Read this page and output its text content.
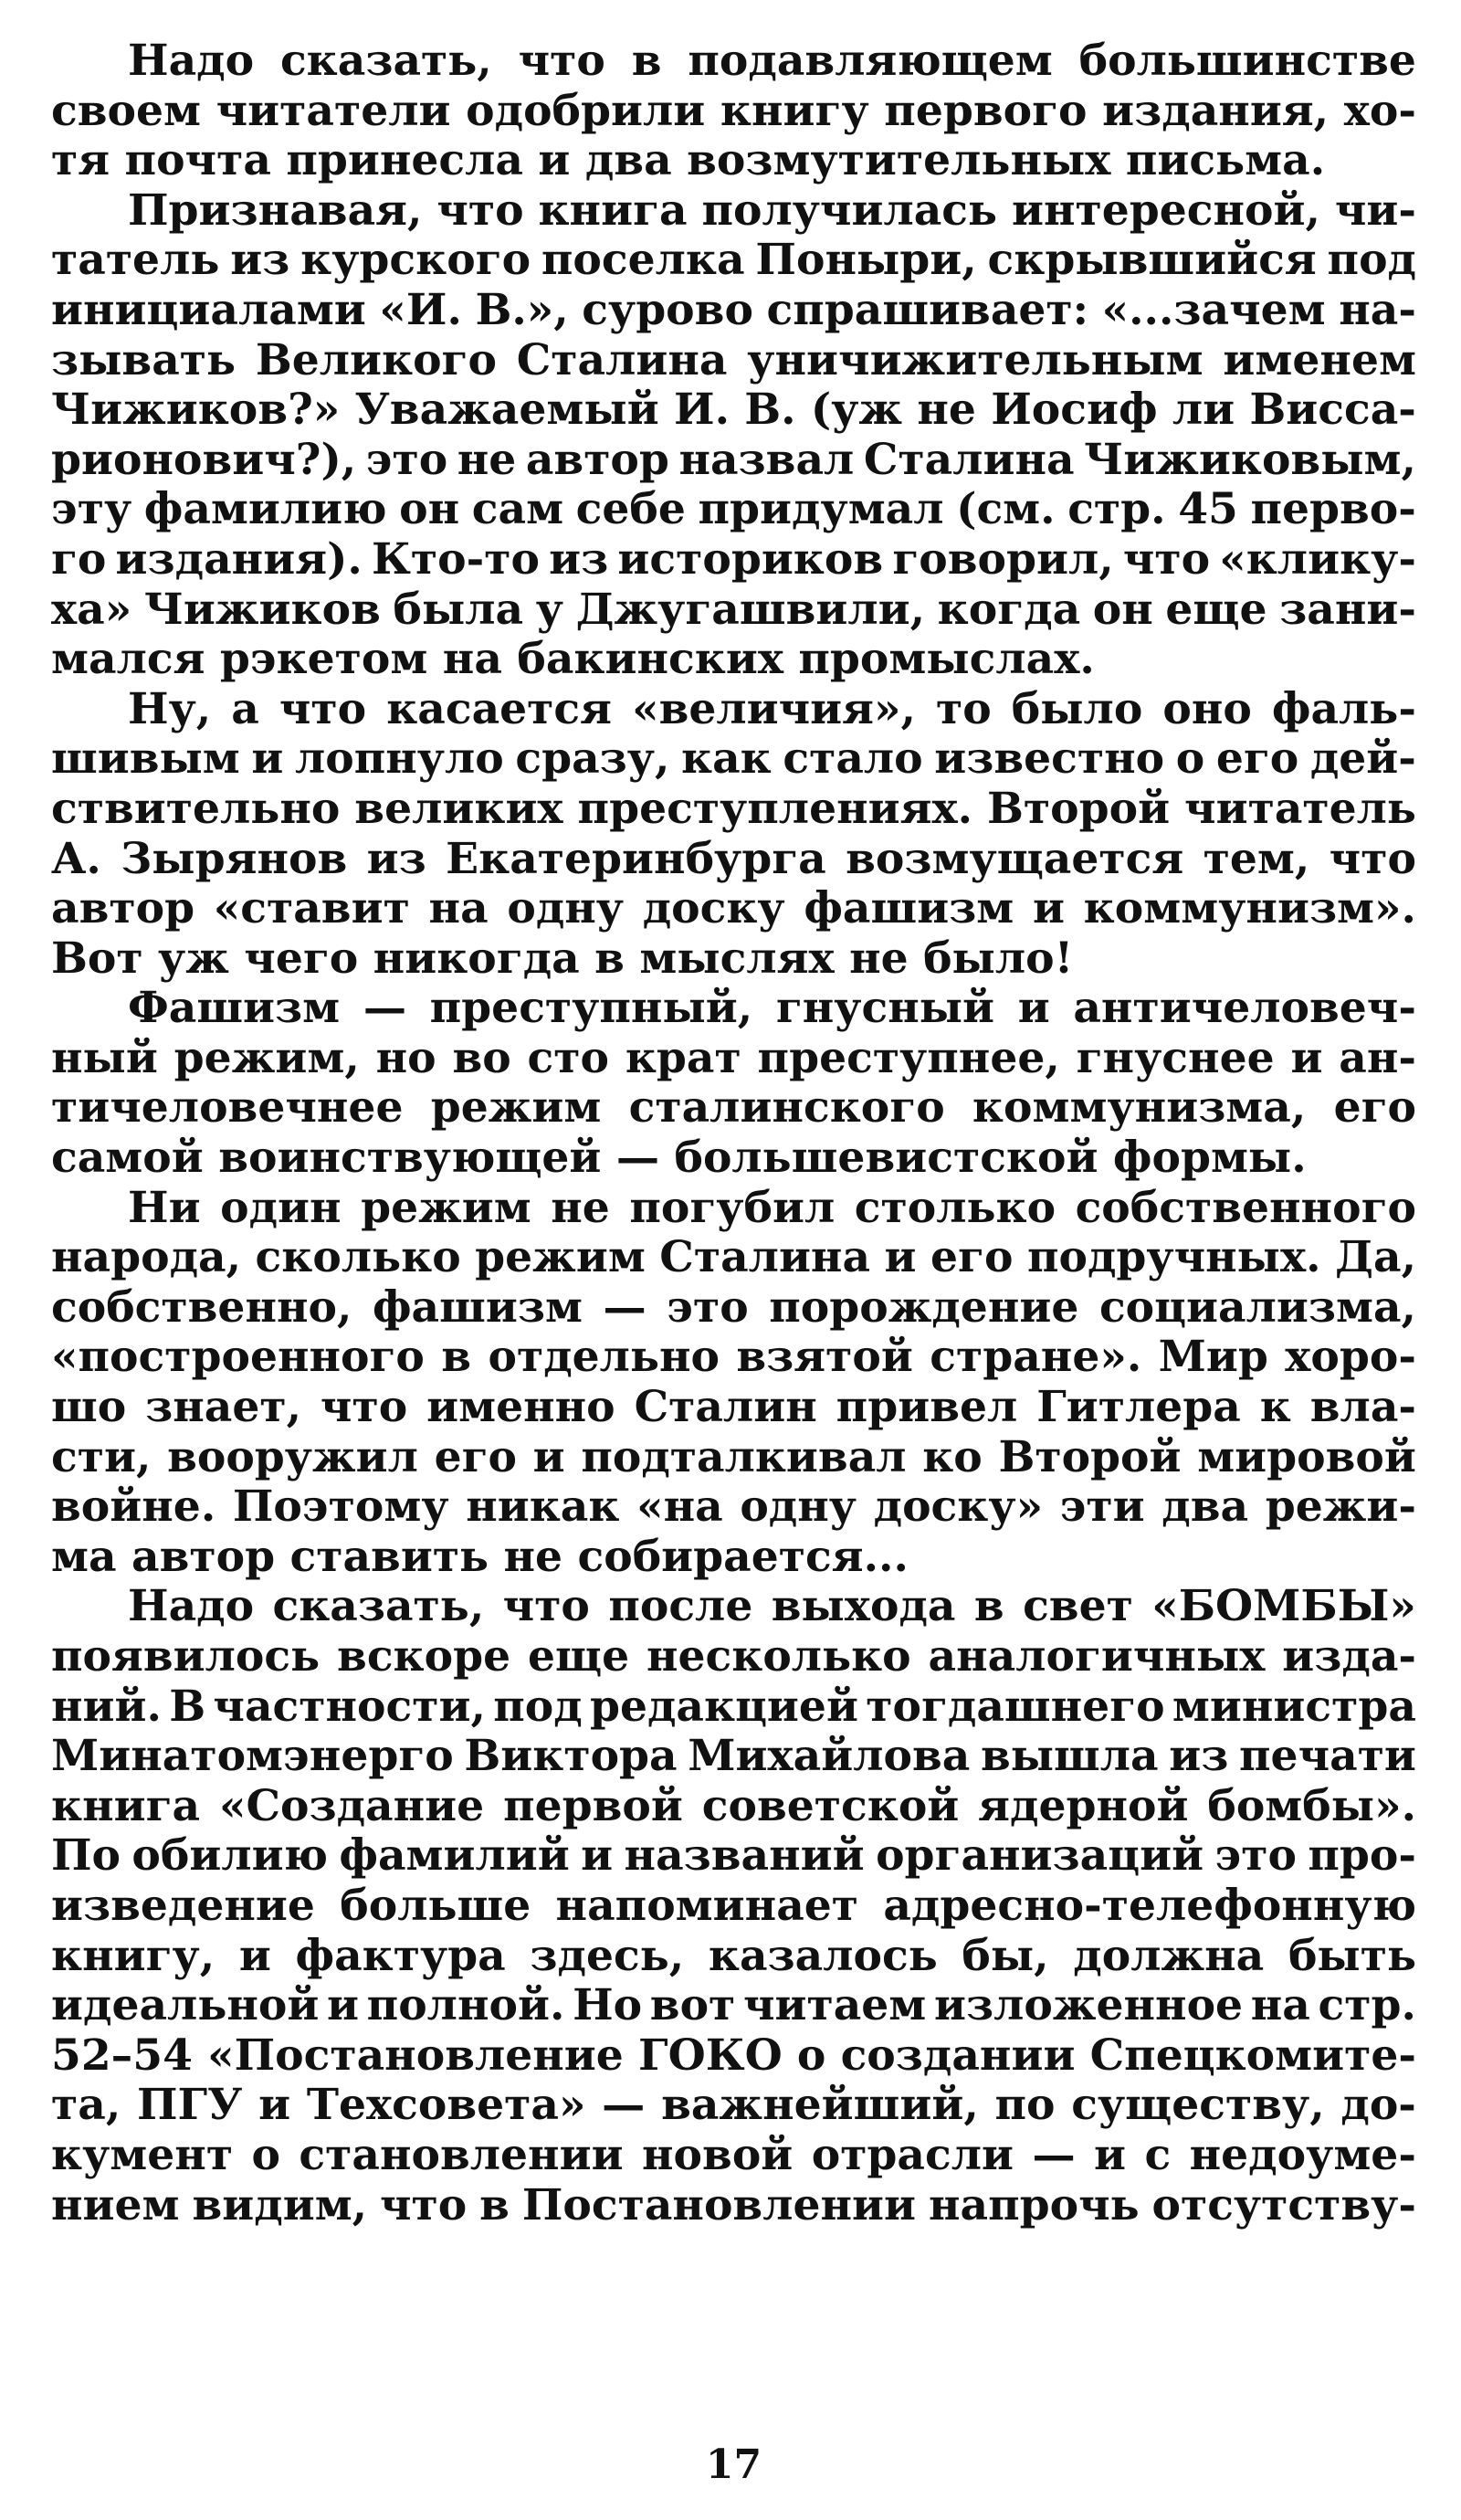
Надо сказать, что в подавляющем большинстве
своем читатели одобрили книгу первого издания, хо-
тя почта принесла и два возмутительных письма.
Признавая, что книга получилась интересной, чи-
татель из курского поселка Поныри, скрывшийся под
инициалами «И. В.», сурово спрашивает: «...зачем на-
зывать Великого Сталина уничижительным именем
Чижиков?» Уважаемый И. В. (уж не Иосиф ли Висса-
рионович?), это не автор назвал Сталина Чижиковым,
эту фамилию он сам себе придумал (см. стр. 45 перво-
го издания). Кто-то из историков говорил, что «клику-
ха» Чижиков была у Джугашвили, когда он еще зани-
мался рэкетом на бакинских промыслах.
Ну, а что касается «величия», то было оно фаль-
шивым и лопнуло сразу, как стало известно о его дей-
ствительно великих преступлениях. Второй читатель
А. Зырянов из Екатеринбурга возмущается тем, что
автор «ставит на одну доску фашизм и коммунизм».
Вот уж чего никогда в мыслях не было!
Фашизм — преступный, гнусный и античеловеч-
ный режим, но во сто крат преступнее, гнуснее и ан-
тичеловечнее режим сталинского коммунизма, его
самой воинствующей — большевистской формы.
Ни один режим не погубил столько собственного
народа, сколько режим Сталина и его подручных. Да,
собственно, фашизм — это порождение социализма,
«построенного в отдельно взятой стране». Мир хоро-
шо знает, что именно Сталин привел Гитлера к вла-
сти, вооружил его и подталкивал ко Второй мировой
войне. Поэтому никак «на одну доску» эти два режи-
ма автор ставить не собирается...
Надо сказать, что после выхода в свет «БОМБЫ»
появилось вскоре еще несколько аналогичных изда-
ний. В частности, под редакцией тогдашнего министра
Минатомэнерго Виктора Михайлова вышла из печати
книга «Создание первой советской ядерной бомбы».
По обилию фамилий и названий организаций это про-
изведение больше напоминает адресно-телефонную
книгу, и фактура здесь, казалось бы, должна быть
идеальной и полной. Но вот читаем изложенное на стр.
52–54 «Постановление ГОКО о создании Спецкомите-
та, ПГУ и Техсовета» — важнейший, по существу, до-
кумент о становлении новой отрасли — и с недоуме-
нием видим, что в Постановлении напрочь отсутству-
17
